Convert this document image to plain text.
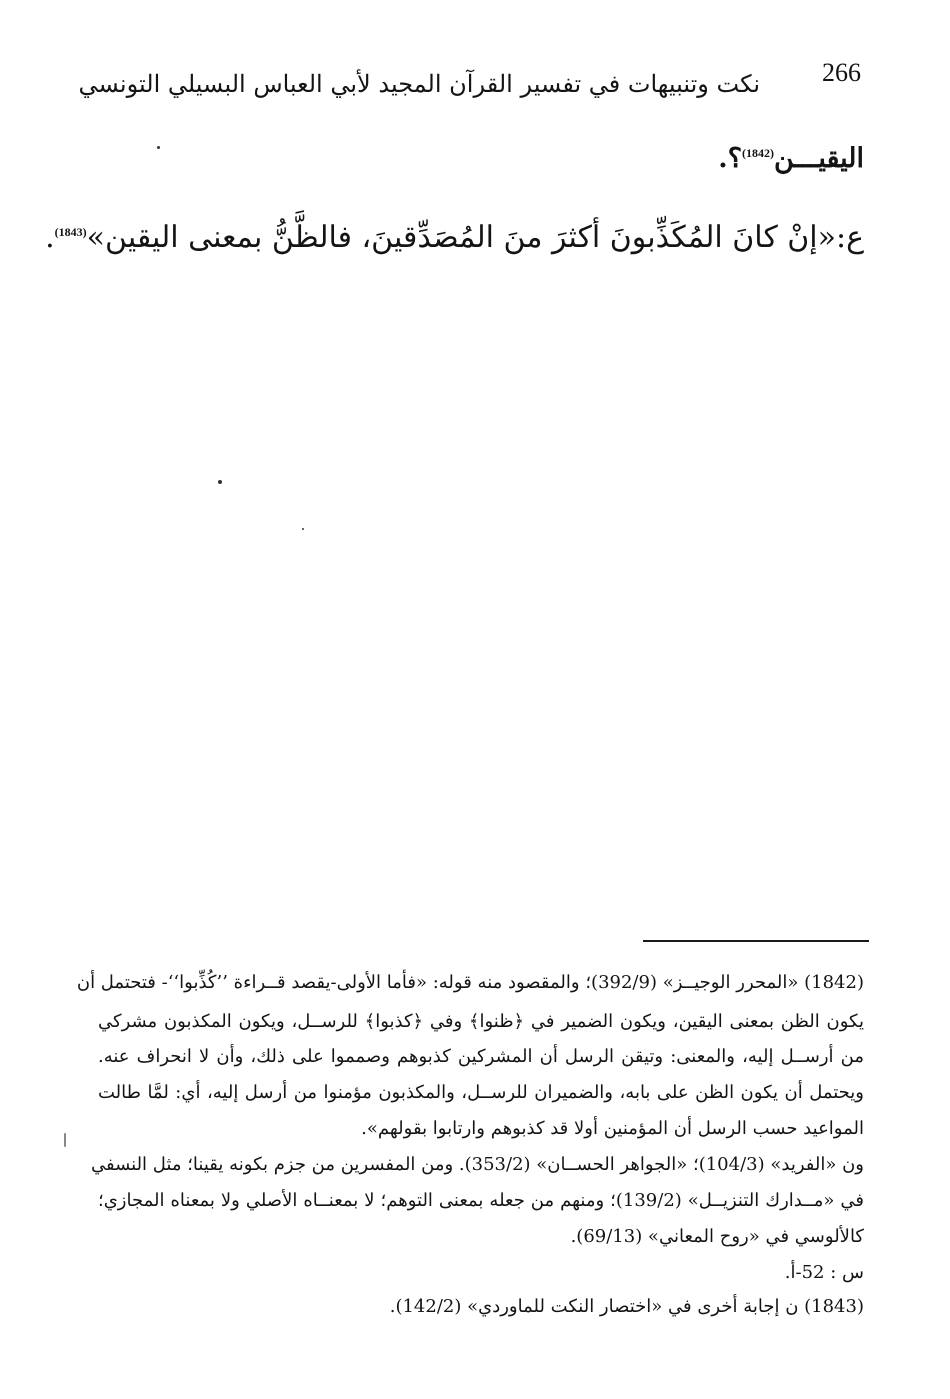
266
نكت وتنبيهات في تفسير القرآن المجيد لأبي العباس البسيلي التونسي
اليقيـــن$^{(1842)}$؟.
ع:«إنْ كانَ المُكَذِّبونَ أكثرَ منَ المُصَدِّقينَ، فالظَّنُّ بمعنى اليقين»$^{(1843)}$.
(1842) «المحرر الوجيــز» (392/9)؛ والمقصود منه قوله: «فأما الأولى-يقصد قــراءة ’’كُذِّبوا‘‘- فتحتمل أن
يكون الظن بمعنى اليقين، ويكون الضمير في ﴿ظنوا﴾ وفي ﴿كذبوا﴾ للرســل، ويكون المكذبون مشركي
من أرســل إليه، والمعنى: وتيقن الرسل أن المشركين كذبوهم وصمموا على ذلك، وأن لا انحراف عنه.
ويحتمل أن يكون الظن على بابه، والضميران للرســل، والمكذبون مؤمنوا من أرسل إليه، أي: لمَّا طالت
المواعيد حسب الرسل أن المؤمنين أولا قد كذبوهم وارتابوا بقولهم».
ون «الفريد» (104/3)؛ «الجواهر الحســان» (353/2). ومن المفسرين من جزم بكونه يقينا؛ مثل النسفي
في «مــدارك التنزيــل» (139/2)؛ ومنهم من جعله بمعنى التوهم؛ لا بمعنــاه الأصلي ولا بمعناه المجازي؛
كالألوسي في «روح المعاني» (69/13).
س : 52-أ.
(1843) ن إجابة أخرى في «اختصار النكت للماوردي» (142/2).
